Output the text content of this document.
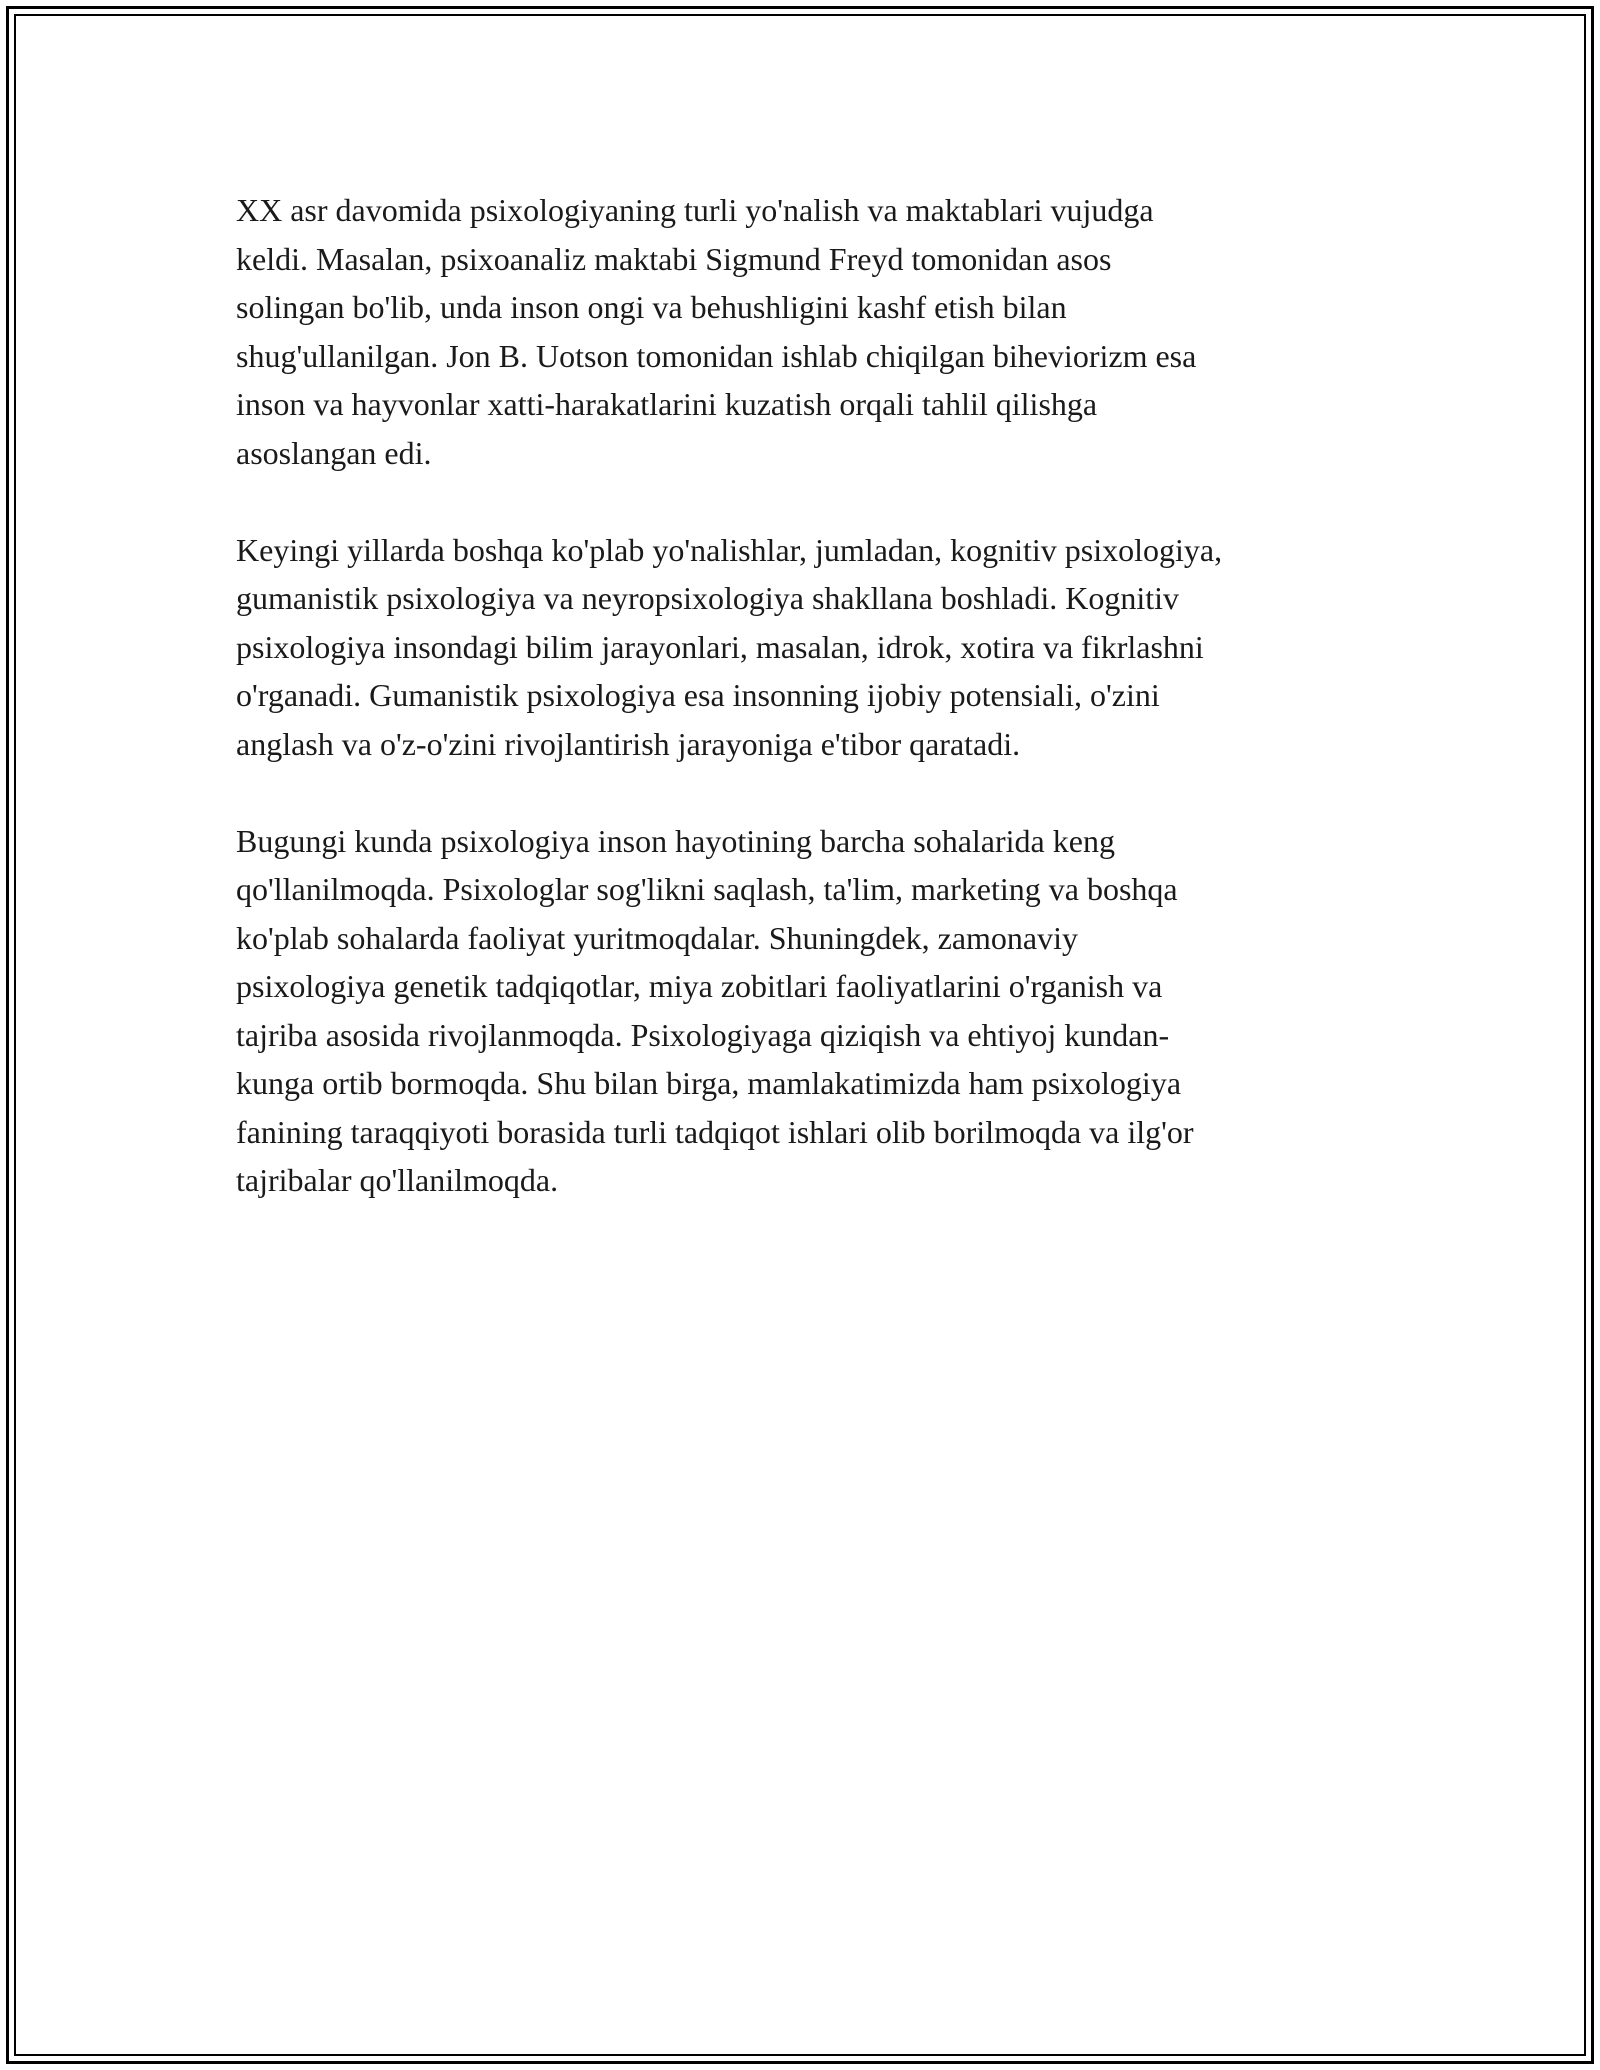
XX asr davomida psixologiyaning turli yo'nalish va maktablari vujudga
keldi. Masalan, psixoanaliz maktabi Sigmund Freyd tomonidan asos
solingan bo'lib, unda inson ongi va behushligini kashf etish bilan
shug'ullanilgan. Jon B. Uotson tomonidan ishlab chiqilgan biheviorizm esa
inson va hayvonlar xatti-harakatlarini kuzatish orqali tahlil qilishga
asoslangan edi.

Keyingi yillarda boshqa ko'plab yo'nalishlar, jumladan, kognitiv psixologiya,
gumanistik psixologiya va neyropsixologiya shakllana boshladi. Kognitiv
psixologiya insondagi bilim jarayonlari, masalan, idrok, xotira va fikrlashni
o'rganadi. Gumanistik psixologiya esa insonning ijobiy potensiali, o'zini
anglash va o'z-o'zini rivojlantirish jarayoniga e'tibor qaratadi.

Bugungi kunda psixologiya inson hayotining barcha sohalarida keng
qo'llanilmoqda. Psixologlar sog'likni saqlash, ta'lim, marketing va boshqa
ko'plab sohalarda faoliyat yuritmoqdalar. Shuningdek, zamonaviy
psixologiya genetik tadqiqotlar, miya zobitlari faoliyatlarini o'rganish va
tajriba asosida rivojlanmoqda. Psixologiyaga qiziqish va ehtiyoj kundan-
kunga ortib bormoqda. Shu bilan birga, mamlakatimizda ham psixologiya
fanining taraqqiyoti borasida turli tadqiqot ishlari olib borilmoqda va ilg'or
tajribalar qo'llanilmoqda.
